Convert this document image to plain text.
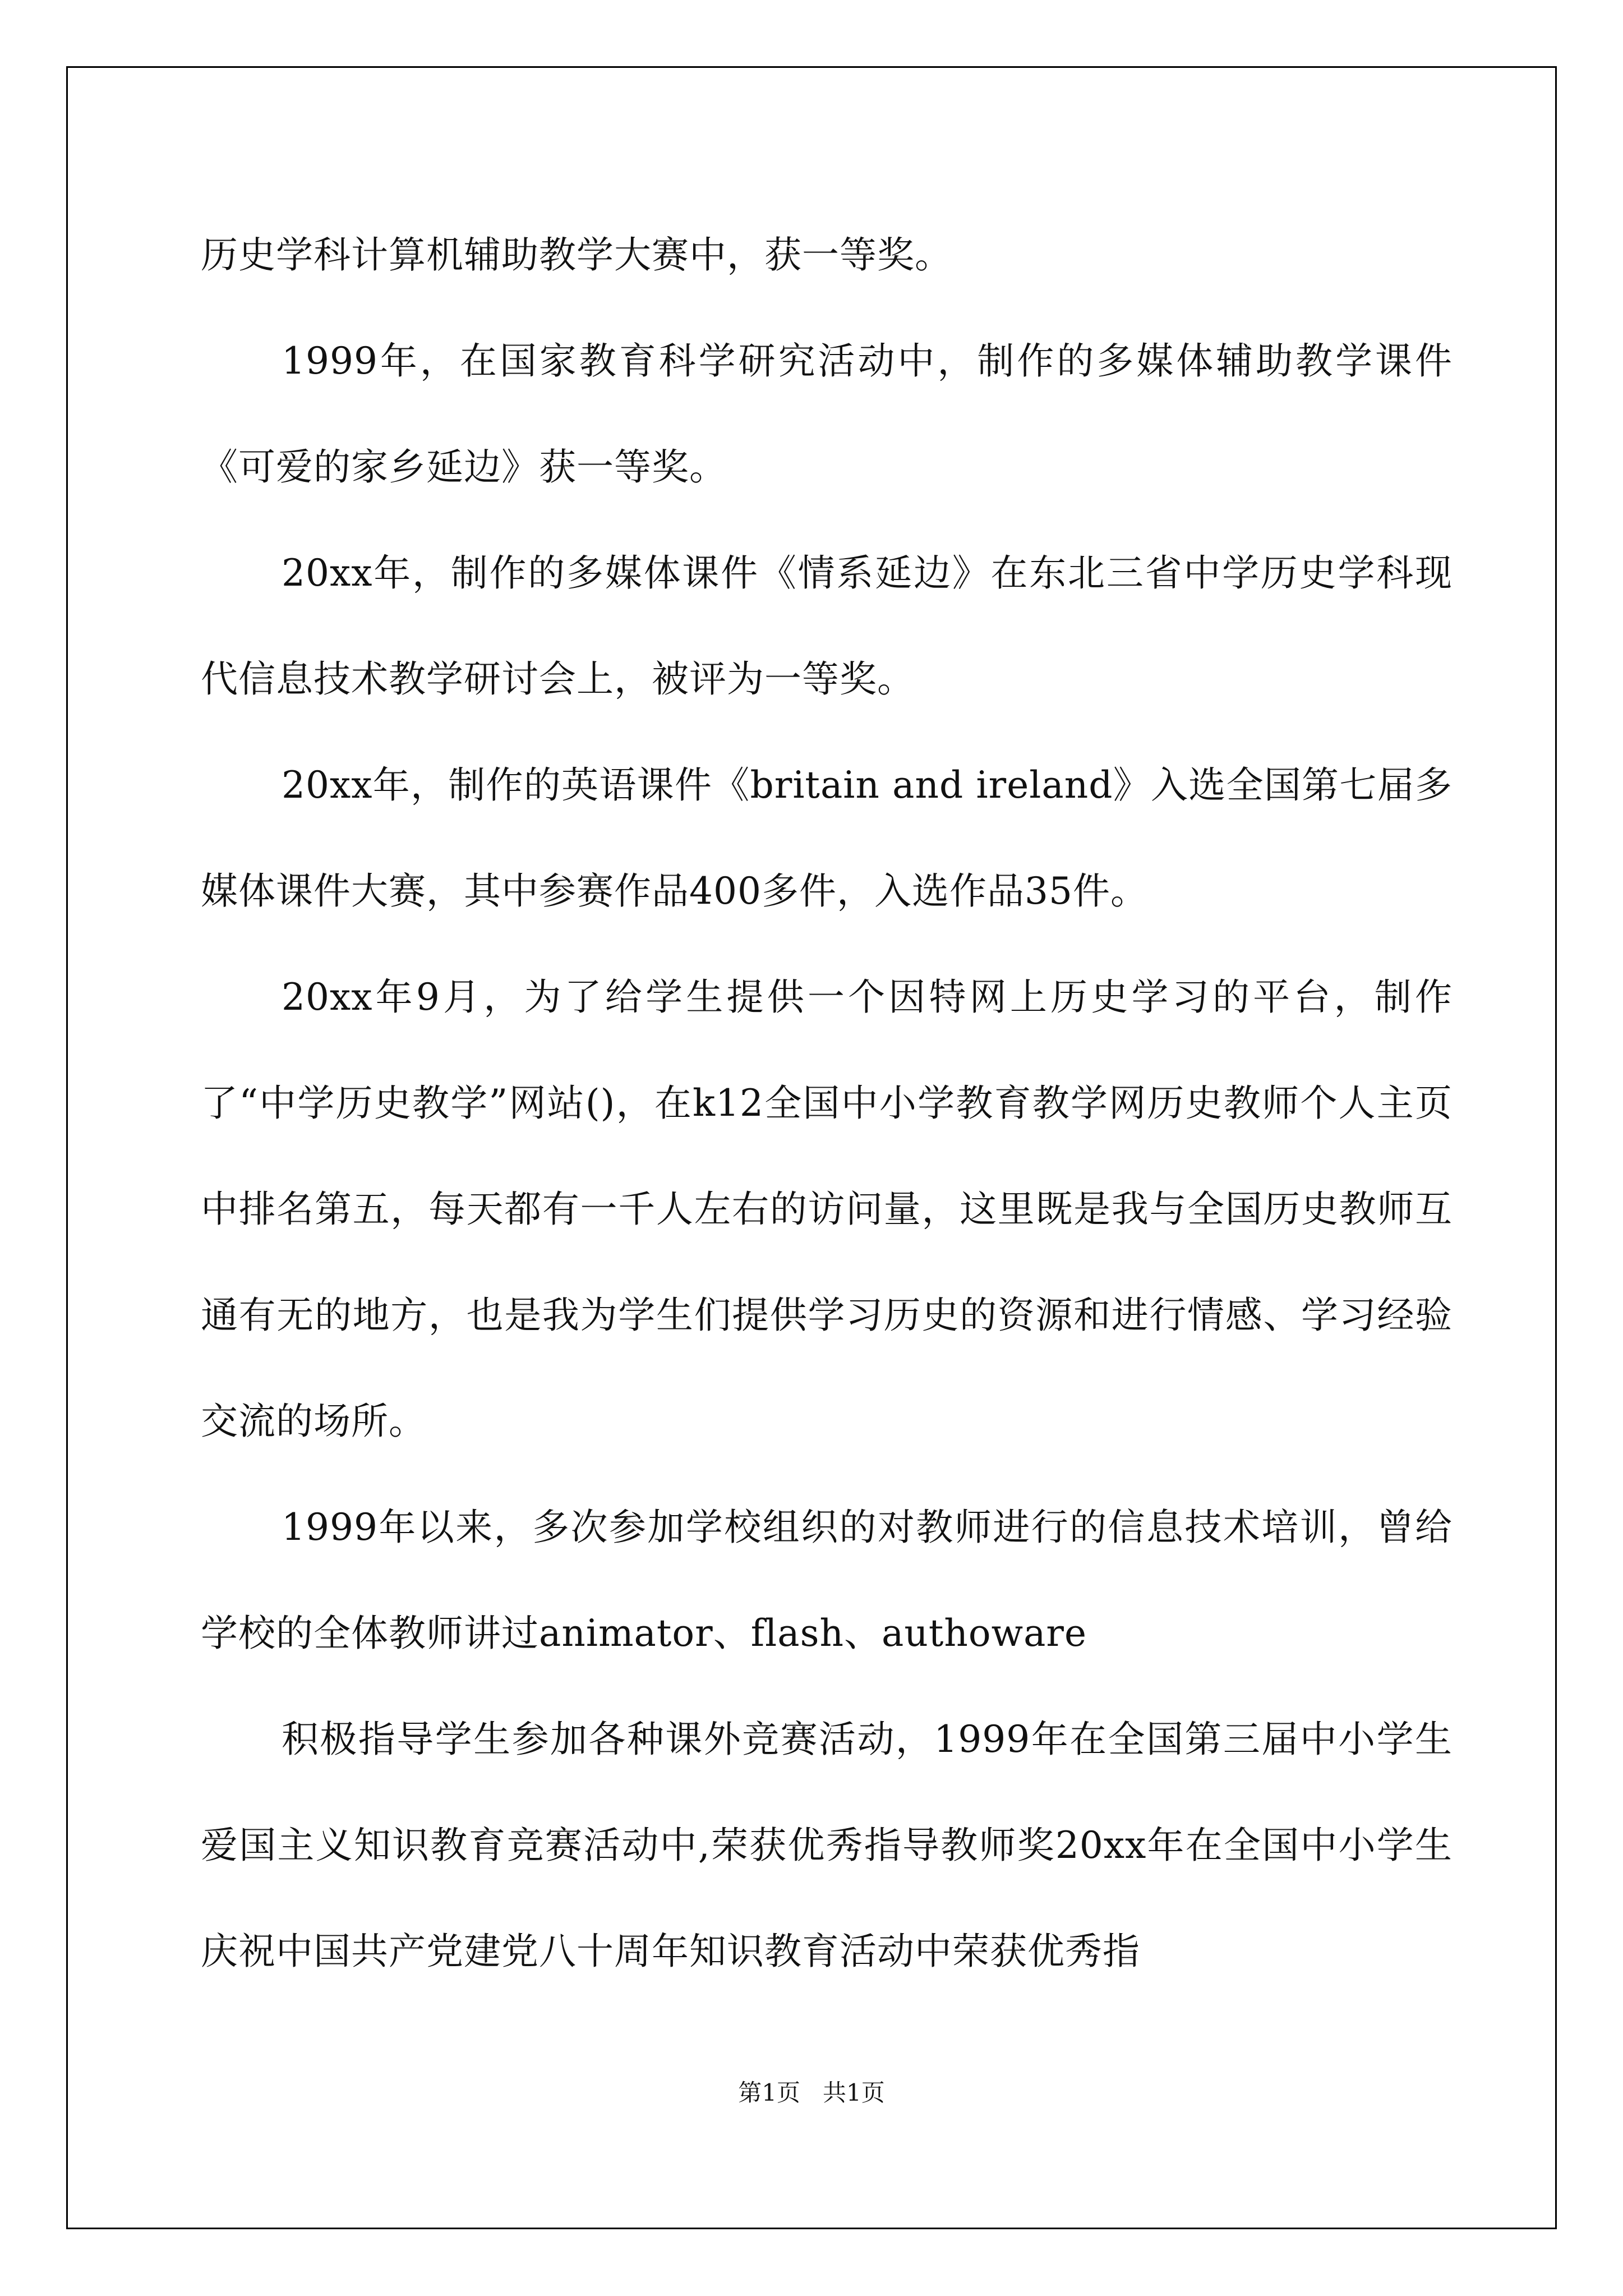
历史学科计算机辅助教学大赛中，获一等奖。

1999年，在国家教育科学研究活动中，制作的多媒体辅助教学课件《可爱的家乡延边》获一等奖。

20xx年，制作的多媒体课件《情系延边》在东北三省中学历史学科现代信息技术教学研讨会上，被评为一等奖。

20xx年，制作的英语课件《britain and ireland》入选全国第七届多媒体课件大赛，其中参赛作品400多件，入选作品35件。

20xx年9月，为了给学生提供一个因特网上历史学习的平台，制作了“中学历史教学”网站()，在k12全国中小学教育教学网历史教师个人主页中排名第五，每天都有一千人左右的访问量，这里既是我与全国历史教师互通有无的地方，也是我为学生们提供学习历史的资源和进行情感、学习经验交流的场所。

1999年以来，多次参加学校组织的对教师进行的信息技术培训，曾给学校的全体教师讲过animator、flash、authoware

积极指导学生参加各种课外竞赛活动，1999年在全国第三届中小学生爱国主义知识教育竞赛活动中,荣获优秀指导教师奖20xx年在全国中小学生庆祝中国共产党建党八十周年知识教育活动中荣获优秀指

第1页   共1页
